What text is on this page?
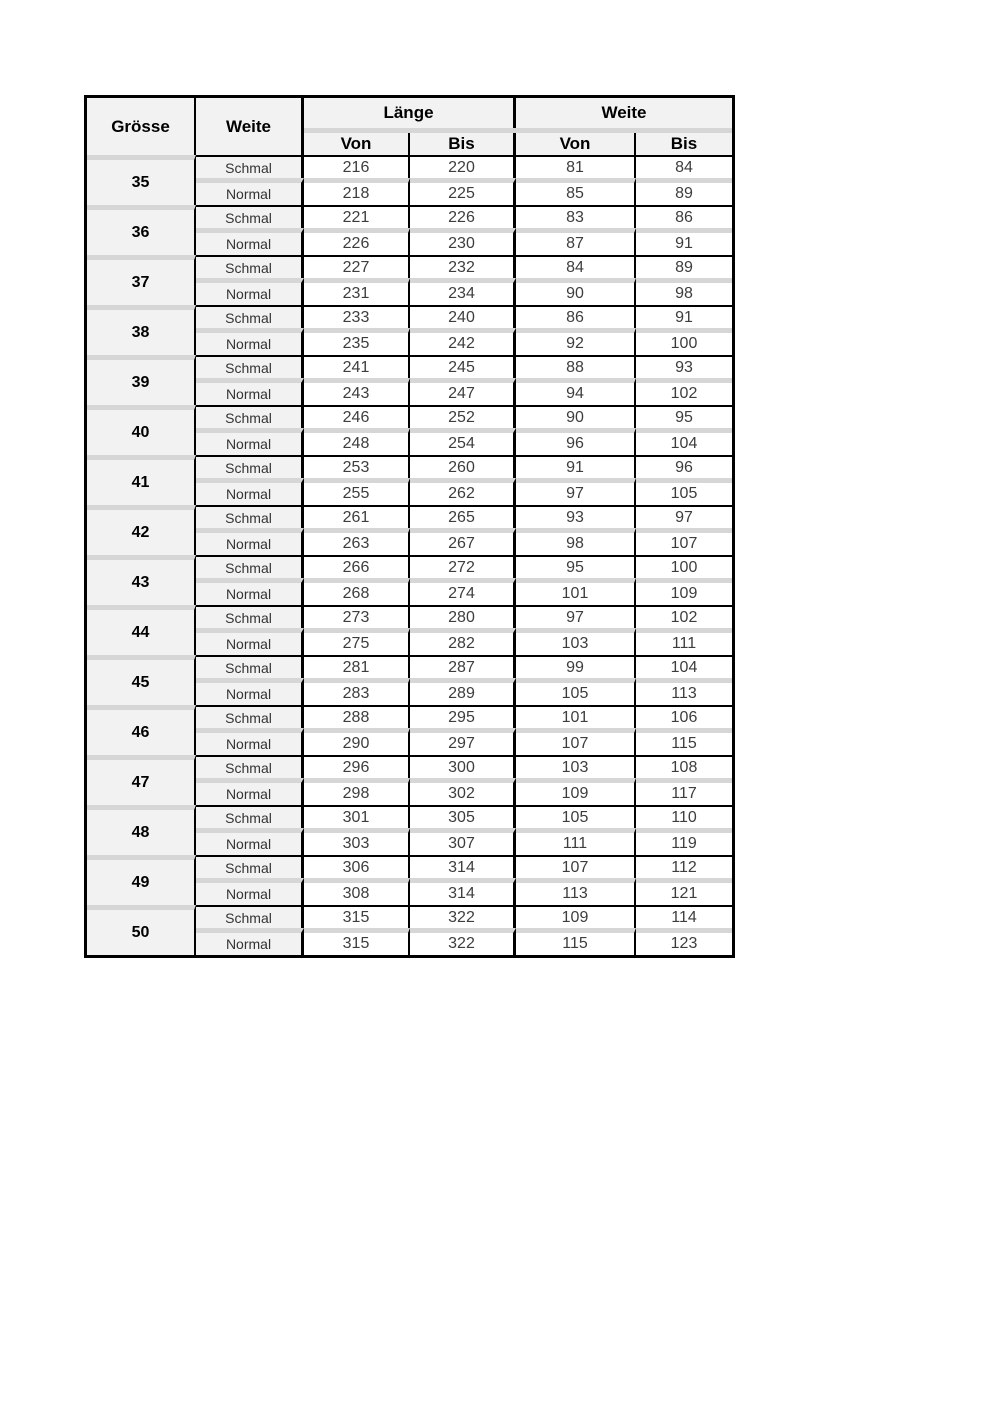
Grösse	Weite	Länge		Weite	

		Von	Bis	Von	Bis
35	Schmal	216	220	81	84
	Normal	218	225	85	89
36	Schmal	221	226	83	86
	Normal	226	230	87	91
37	Schmal	227	232	84	89
	Normal	231	234	90	98
38	Schmal	233	240	86	91
	Normal	235	242	92	100
39	Schmal	241	245	88	93
	Normal	243	247	94	102
40	Schmal	246	252	90	95
	Normal	248	254	96	104
41	Schmal	253	260	91	96
	Normal	255	262	97	105
42	Schmal	261	265	93	97
	Normal	263	267	98	107
43	Schmal	266	272	95	100
	Normal	268	274	101	109
44	Schmal	273	280	97	102
	Normal	275	282	103	111
45	Schmal	281	287	99	104
	Normal	283	289	105	113
46	Schmal	288	295	101	106
	Normal	290	297	107	115
47	Schmal	296	300	103	108
	Normal	298	302	109	117
48	Schmal	301	305	105	110
	Normal	303	307	111	119
49	Schmal	306	314	107	112
	Normal	308	314	113	121
50	Schmal	315	322	109	114
	Normal	315	322	115	123
